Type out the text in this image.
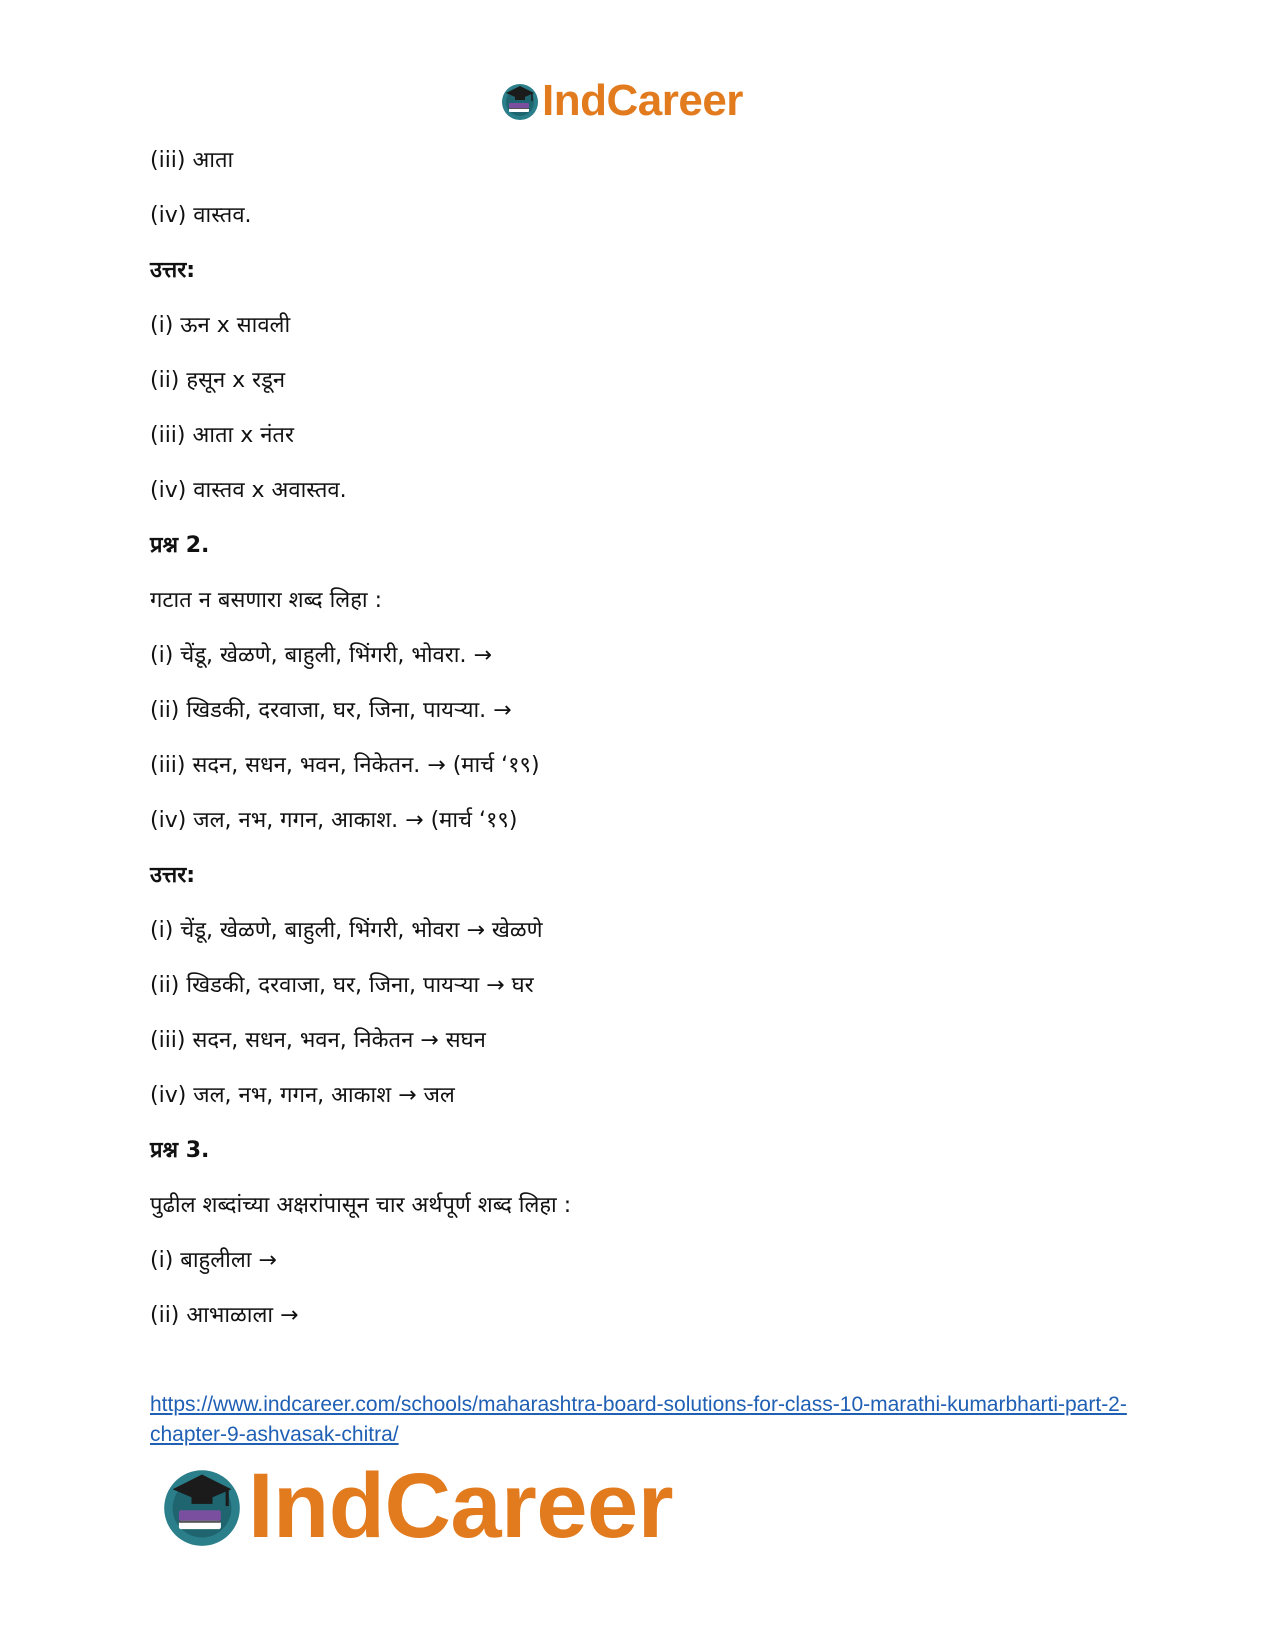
IndCareer
(iii) आता
(iv) वास्तव.
उत्तर:
(i) ऊन x सावली
(ii) हसून x रडून
(iii) आता x नंतर
(iv) वास्तव x अवास्तव.
प्रश्न 2.
गटात न बसणारा शब्द लिहा :
(i) चेंडू, खेळणे, बाहुली, भिंगरी, भोवरा. →
(ii) खिडकी, दरवाजा, घर, जिना, पायऱ्या. →
(iii) सदन, सधन, भवन, निकेतन. → (मार्च ‘१९)
(iv) जल, नभ, गगन, आकाश. → (मार्च ‘१९)
उत्तर:
(i) चेंडू, खेळणे, बाहुली, भिंगरी, भोवरा → खेळणे
(ii) खिडकी, दरवाजा, घर, जिना, पायऱ्या → घर
(iii) सदन, सधन, भवन, निकेतन → सघन
(iv) जल, नभ, गगन, आकाश → जल
प्रश्न 3.
पुढील शब्दांच्या अक्षरांपासून चार अर्थपूर्ण शब्द लिहा :
(i) बाहुलीला →
(ii) आभाळाला →
https://www.indcareer.com/schools/maharashtra-board-solutions-for-class-10-marathi-kumarbharti-part-2-chapter-9-ashvasak-chitra/
IndCareer
